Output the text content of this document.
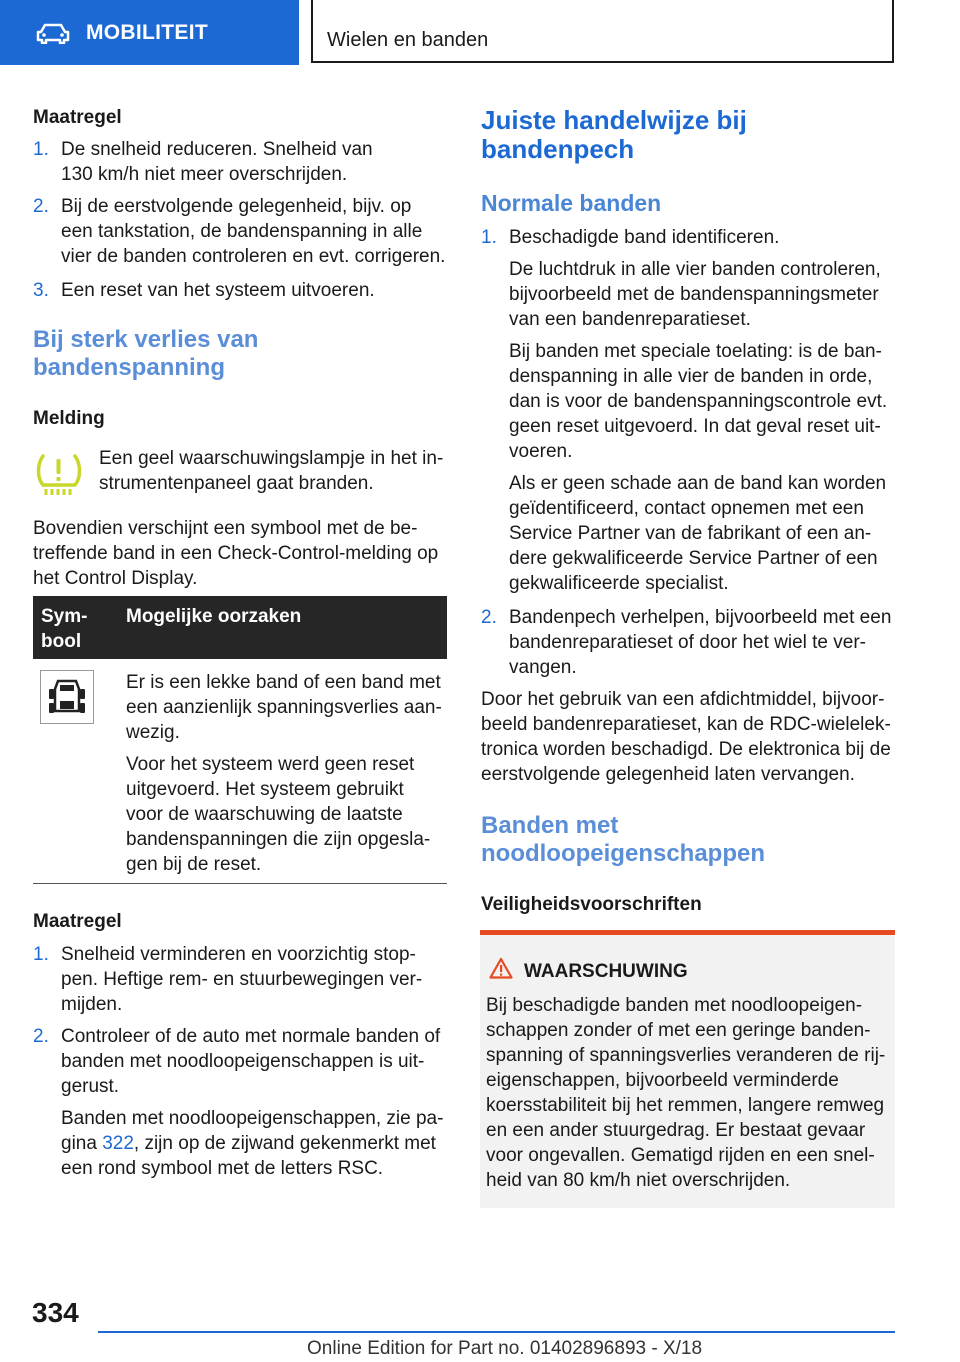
MOBILITEIT	Wielen en banden
Maatregel
1. De snelheid reduceren. Snelheid van
130 km/h niet meer overschrijden.
2. Bij de eerstvolgende gelegenheid, bijv. op
een tankstation, de bandenspanning in alle
vier de banden controleren en evt. corrigeren.
3. Een reset van het systeem uitvoeren.
Bij sterk verlies van
bandenspanning
Melding
Een geel waarschuwingslampje in het in-
strumentenpaneel gaat branden.
Bovendien verschijnt een symbool met de be-
treffende band in een Check-Control-melding op
het Control Display.
Sym-
bool
Mogelijke oorzaken
Er is een lekke band of een band met
een aanzienlijk spanningsverlies aan-
wezig.
Voor het systeem werd geen reset
uitgevoerd. Het systeem gebruikt
voor de waarschuwing de laatste
bandenspanningen die zijn opgesla-
gen bij de reset.
Maatregel
1. Snelheid verminderen en voorzichtig stop-
pen. Heftige rem- en stuurbewegingen ver-
mijden.
2. Controleer of de auto met normale banden of
banden met noodloopeigenschappen is uit-
gerust.
Banden met noodloopeigenschappen, zie pa-
gina 322, zijn op de zijwand gekenmerkt met
een rond symbool met de letters RSC.
Juiste handelwijze bij
bandenpech
Normale banden
1. Beschadigde band identificeren.
De luchtdruk in alle vier banden controleren,
bijvoorbeeld met de bandenspanningsmeter
van een bandenreparatieset.
Bij banden met speciale toelating: is de ban-
denspanning in alle vier de banden in orde,
dan is voor de bandenspanningscontrole evt.
geen reset uitgevoerd. In dat geval reset uit-
voeren.
Als er geen schade aan de band kan worden
geïdentificeerd, contact opnemen met een
Service Partner van de fabrikant of een an-
dere gekwalificeerde Service Partner of een
gekwalificeerde specialist.
2. Bandenpech verhelpen, bijvoorbeeld met een
bandenreparatieset of door het wiel te ver-
vangen.
Door het gebruik van een afdichtmiddel, bijvoor-
beeld bandenreparatieset, kan de RDC-wielelek-
tronica worden beschadigd. De elektronica bij de
eerstvolgende gelegenheid laten vervangen.
Banden met
noodloopeigenschappen
Veiligheidsvoorschriften
WAARSCHUWING
Bij beschadigde banden met noodloopeigen-
schappen zonder of met een geringe banden-
spanning of spanningsverlies veranderen de rij-
eigenschappen, bijvoorbeeld verminderde
koersstabiliteit bij het remmen, langere remweg
en een ander stuurgedrag. Er bestaat gevaar
voor ongevallen. Gematigd rijden en een snel-
heid van 80 km/h niet overschrijden.
334
Online Edition for Part no. 01402896893 - X/18
